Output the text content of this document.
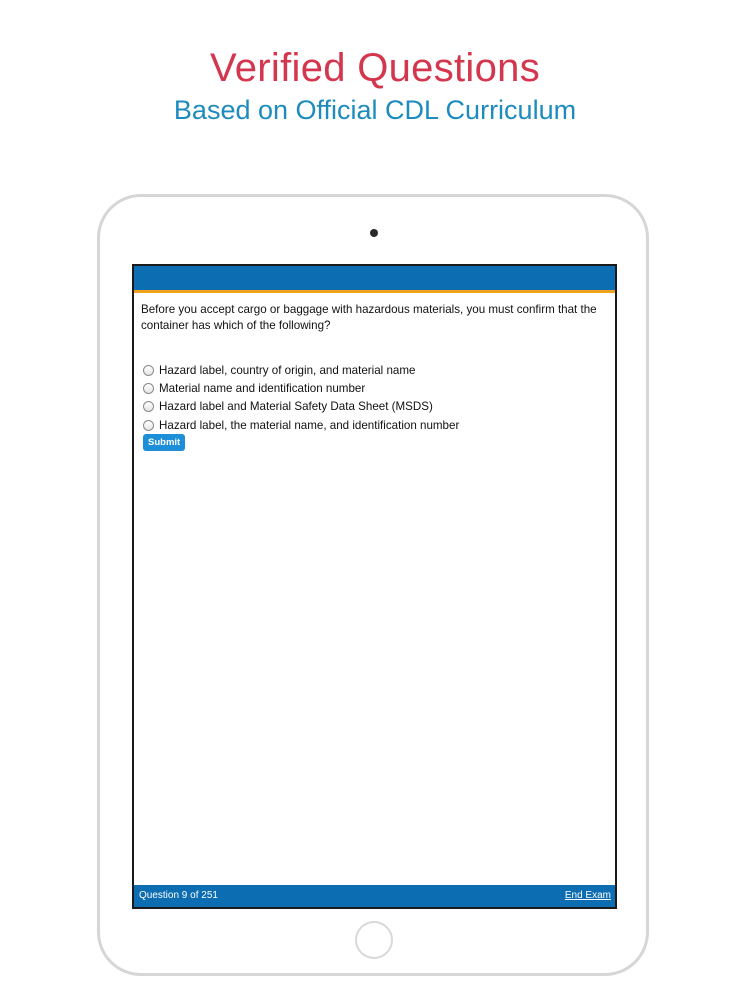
Verified Questions
Based on Official CDL Curriculum
Before you accept cargo or baggage with hazardous materials, you must confirm that the container has which of the following?
Hazard label, country of origin, and material name
Material name and identification number
Hazard label and Material Safety Data Sheet (MSDS)
Hazard label, the material name, and identification number
Submit
Question 9 of 251	End Exam
